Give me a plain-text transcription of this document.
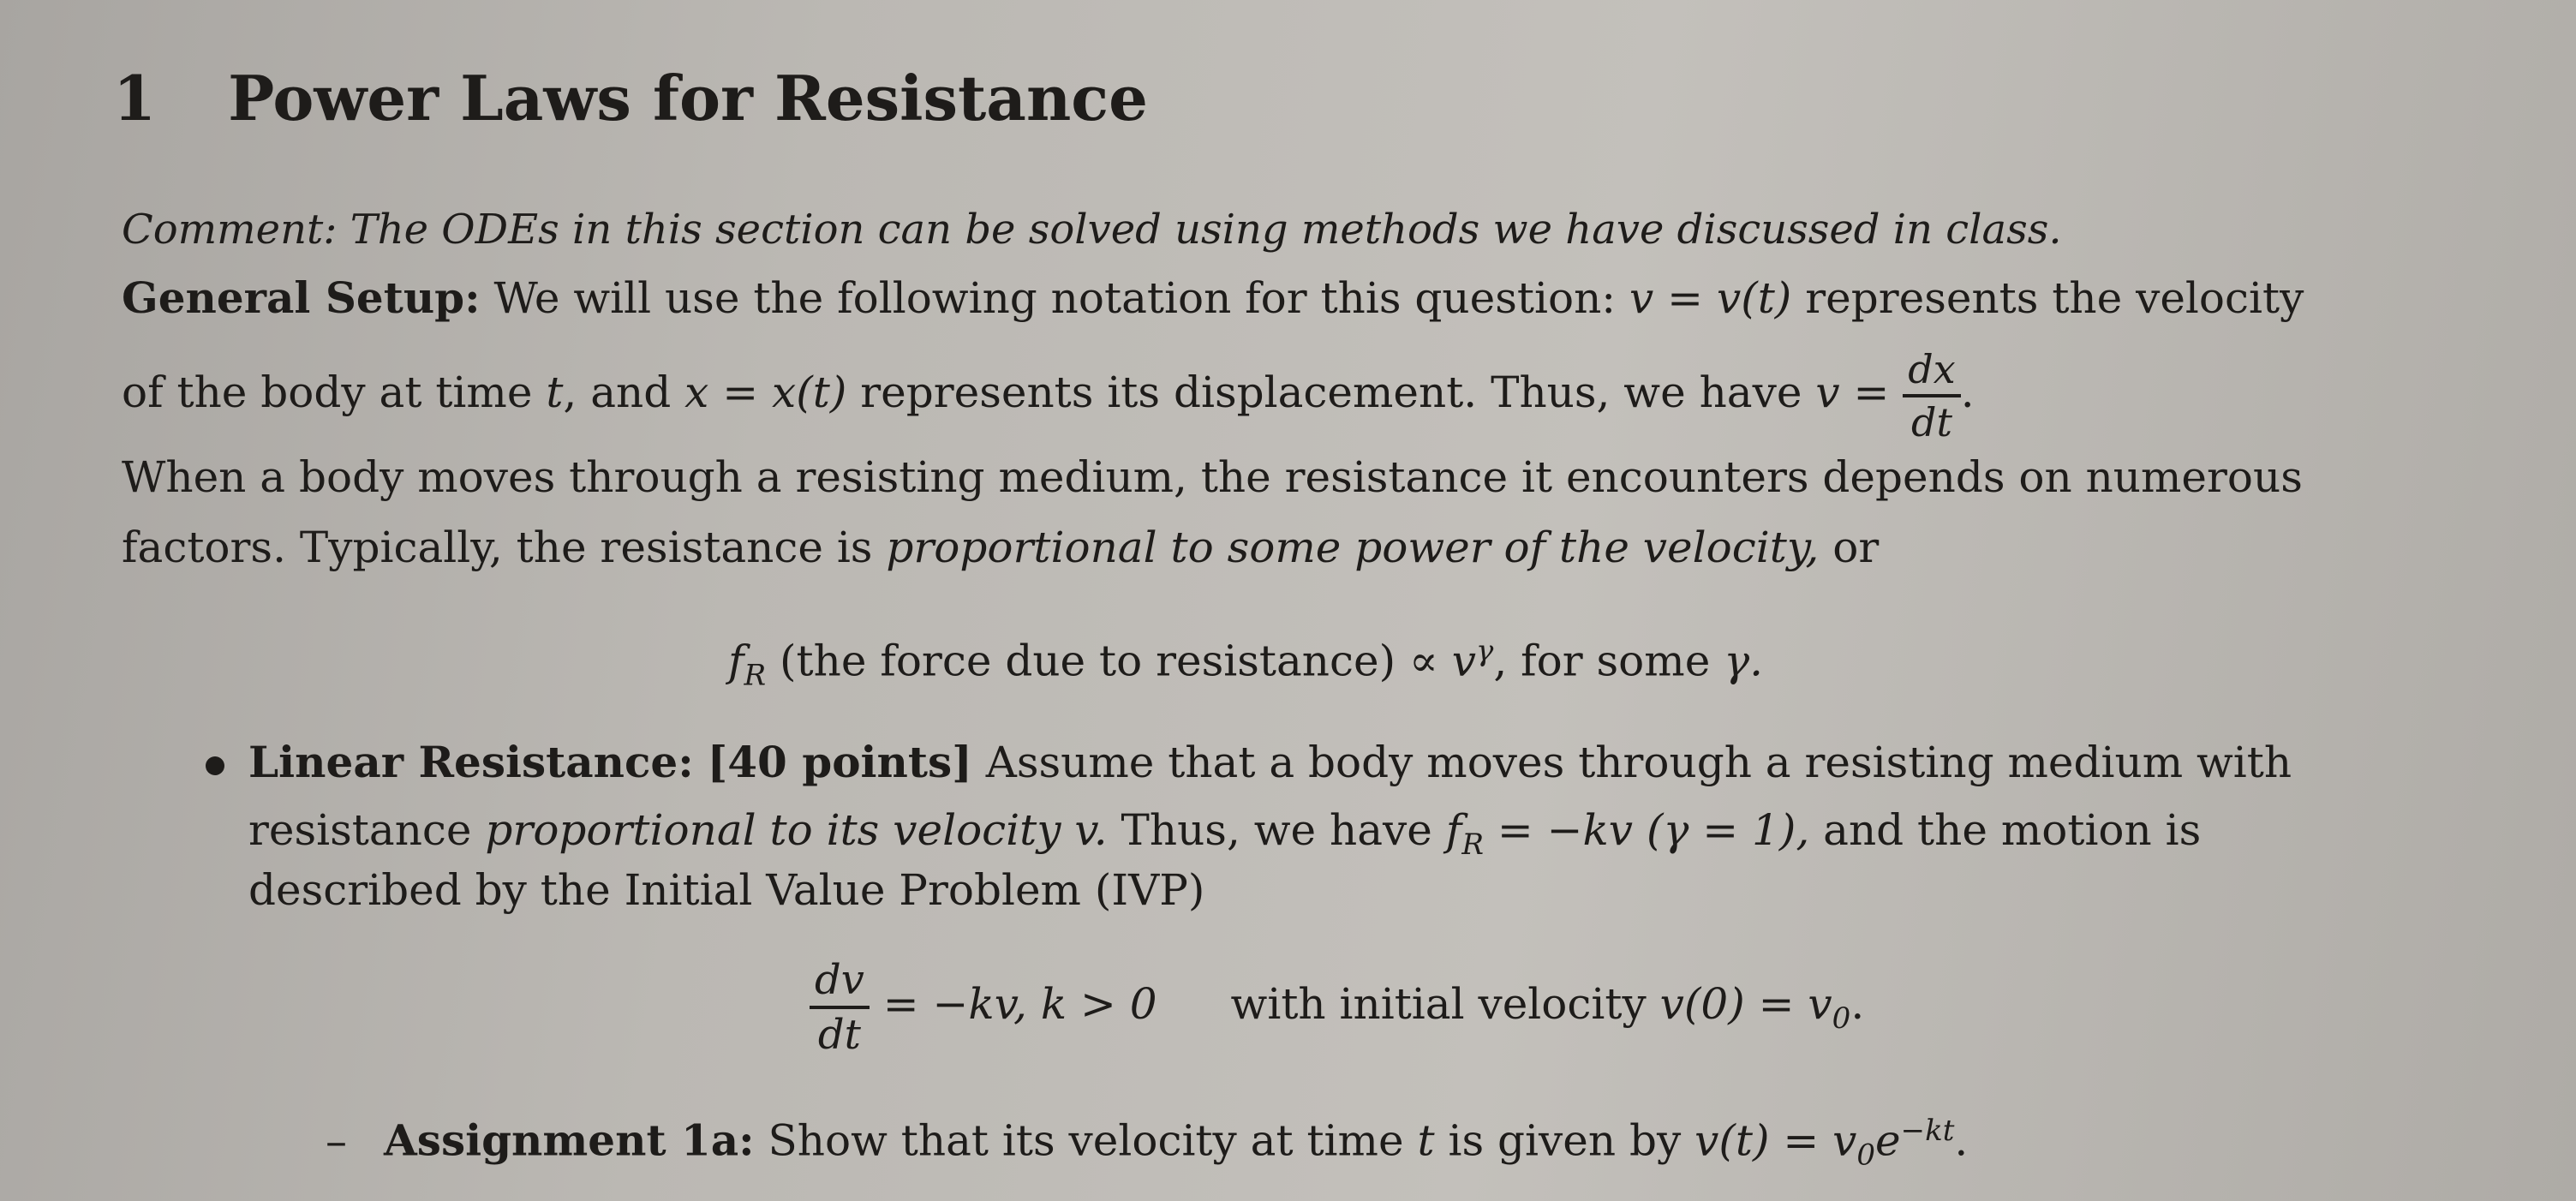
1 Power Laws for Resistance
Comment: The ODEs in this section can be solved using methods we have discussed in class.
General Setup: We will use the following notation for this question: v = v(t) represents the velocity
of the body at time t, and x = x(t) represents its displacement. Thus, we have $v = \frac{dx}{dt}$ .
When a body moves through a resisting medium, the resistance it encounters depends on numerous
factors. Typically, the resistance is proportional to some power of the velocity, or
$f_R$ (the force due to resistance) ∝ $v^\gamma$, for some γ.
Linear Resistance: [40 points] Assume that a body moves through a resisting medium with
resistance proportional to its velocity v. Thus, we have $f_R = -kv$ (γ = 1), and the motion is
described by the Initial Value Problem (IVP)
$\frac{dv}{dt} = -kv$, k > 0 with initial velocity $v(0) = v_0$.
– Assignment 1a: Show that its velocity at time t is given by $v(t) = v_0e^{-kt}$.
